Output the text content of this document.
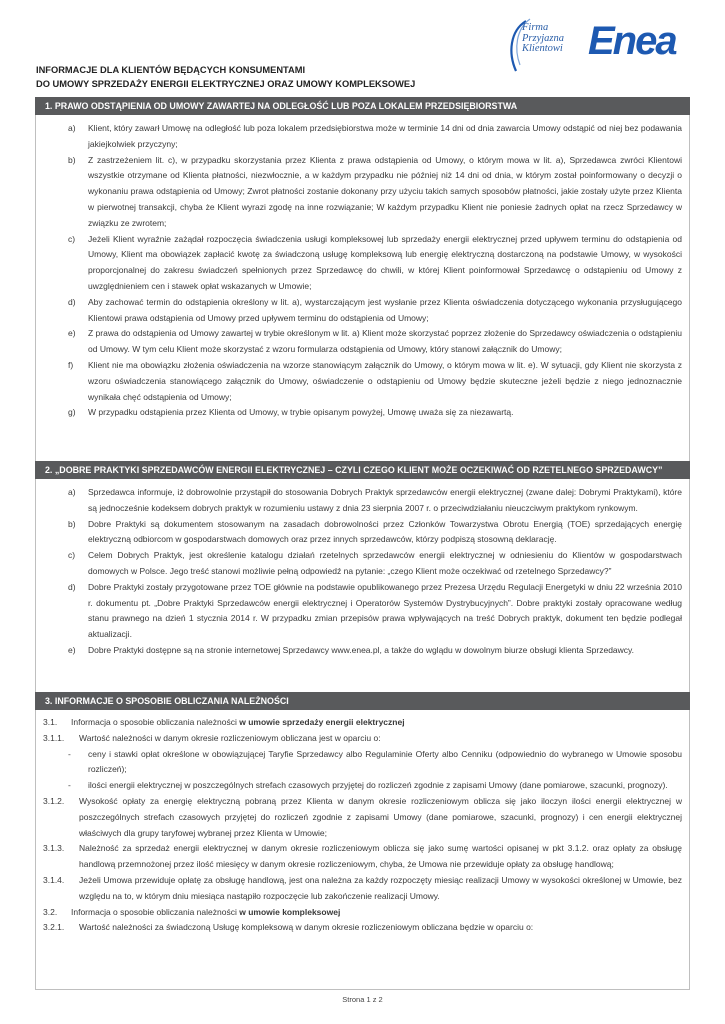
Firma
Przyjazna
Klientowi Enea
INFORMACJE DLA KLIENTÓW BĘDĄCYCH KONSUMENTAMI
DO UMOWY SPRZEDAŻY ENERGII ELEKTRYCZNEJ ORAZ UMOWY KOMPLEKSOWEJ
1. PRAWO ODSTĄPIENIA OD UMOWY ZAWARTEJ NA ODLEGŁOŚĆ LUB POZA LOKALEM PRZEDSIĘBIORSTWA
a)	Klient, który zawarł Umowę na odległość lub poza lokalem przedsiębiorstwa może w terminie 14 dni od dnia zawarcia Umowy odstąpić od niej bez podawania jakiejkolwiek przyczyny;
b)	Z zastrzeżeniem lit. c), w przypadku skorzystania przez Klienta z prawa odstąpienia od Umowy, o którym mowa w lit. a), Sprzedawca zwróci Klientowi wszystkie otrzymane od Klienta płatności, niezwłocznie, a w każdym przypadku nie później niż 14 dni od dnia, w którym został poinformowany o decyzji o wykonaniu prawa odstąpienia od Umowy; Zwrot płatności zostanie dokonany przy użyciu takich samych sposobów płatności, jakie zostały użyte przez Klienta w pierwotnej transakcji, chyba że Klient wyrazi zgodę na inne rozwiązanie; W każdym przypadku Klient nie poniesie żadnych opłat na rzecz Sprzedawcy w związku ze zwrotem;
c)	Jeżeli Klient wyraźnie zażądał rozpoczęcia świadczenia usługi kompleksowej lub sprzedaży energii elektrycznej przed upływem terminu do odstąpienia od Umowy, Klient ma obowiązek zapłacić kwotę za świadczoną usługę kompleksową lub energię elektryczną dostarczoną na podstawie Umowy, w wysokości proporcjonalnej do zakresu świadczeń spełnionych przez Sprzedawcę do chwili, w której Klient poinformował Sprzedawcę o odstąpieniu od Umowy z uwzględnieniem cen i stawek opłat wskazanych w Umowie;
d)	Aby zachować termin do odstąpienia określony w lit. a), wystarczającym jest wysłanie przez Klienta oświadczenia dotyczącego wykonania przysługującego Klientowi prawa odstąpienia od Umowy przed upływem terminu do odstąpienia od Umowy;
e)	Z prawa do odstąpienia od Umowy zawartej w trybie określonym w lit. a) Klient może skorzystać poprzez złożenie do Sprzedawcy oświadczenia o odstąpieniu od Umowy. W tym celu Klient może skorzystać z wzoru formularza odstąpienia od Umowy, który stanowi załącznik do Umowy;
f)	Klient nie ma obowiązku złożenia oświadczenia na wzorze stanowiącym załącznik do Umowy, o którym mowa w lit. e). W sytuacji, gdy Klient nie skorzysta z wzoru oświadczenia stanowiącego załącznik do Umowy, oświadczenie o odstąpieniu od Umowy będzie skuteczne jeżeli będzie z niego jednoznacznie wynikała chęć odstąpienia od Umowy;
g)	W przypadku odstąpienia przez Klienta od Umowy, w trybie opisanym powyżej, Umowę uważa się za niezawartą.
2. „DOBRE PRAKTYKI SPRZEDAWCÓW ENERGII ELEKTRYCZNEJ – CZYLI CZEGO KLIENT MOŻE OCZEKIWAĆ OD RZETELNEGO SPRZEDAWCY”
a)	Sprzedawca informuje, iż dobrowolnie przystąpił do stosowania Dobrych Praktyk sprzedawców energii elektrycznej (zwane dalej: Dobrymi Praktykami), które są jednocześnie kodeksem dobrych praktyk w rozumieniu ustawy z dnia 23 sierpnia 2007 r. o przeciwdziałaniu nieuczciwym praktykom rynkowym.
b)	Dobre Praktyki są dokumentem stosowanym na zasadach dobrowolności przez Członków Towarzystwa Obrotu Energią (TOE) sprzedających energię elektryczną odbiorcom w gospodarstwach domowych oraz przez innych sprzedawców, którzy podpiszą stosowną deklarację.
c)	Celem Dobrych Praktyk, jest określenie katalogu działań rzetelnych sprzedawców energii elektrycznej w odniesieniu do Klientów w gospodarstwach domowych w Polsce. Jego treść stanowi możliwie pełną odpowiedź na pytanie: „czego Klient może oczekiwać od rzetelnego Sprzedawcy?”
d)	Dobre Praktyki zostały przygotowane przez TOE głównie na podstawie opublikowanego przez Prezesa Urzędu Regulacji Energetyki w dniu 22 września 2010 r. dokumentu pt. „Dobre Praktyki Sprzedawców energii elektrycznej i Operatorów Systemów Dystrybucyjnych”. Dobre praktyki zostały opracowane według stanu prawnego na dzień 1 stycznia 2014 r. W przypadku zmian przepisów prawa wpływających na treść Dobrych praktyk, dokument ten będzie podlegał aktualizacji.
e)	Dobre Praktyki dostępne są na stronie internetowej Sprzedawcy www.enea.pl, a także do wglądu w dowolnym biurze obsługi klienta Sprzedawcy.
3. INFORMACJE O SPOSOBIE OBLICZANIA NALEŻNOŚCI
3.1.	Informacja o sposobie obliczania należności w umowie sprzedaży energii elektrycznej
3.1.1.	Wartość należności w danym okresie rozliczeniowym obliczana jest w oparciu o:
-	ceny i stawki opłat określone w obowiązującej Taryfie Sprzedawcy albo Regulaminie Oferty albo Cenniku (odpowiednio do wybranego w Umowie sposobu rozliczeń);
-	ilości energii elektrycznej w poszczególnych strefach czasowych przyjętej do rozliczeń zgodnie z zapisami Umowy (dane pomiarowe, szacunki, prognozy).
3.1.2.	Wysokość opłaty za energię elektryczną pobraną przez Klienta w danym okresie rozliczeniowym oblicza się jako iloczyn ilości energii elektrycznej w poszczególnych strefach czasowych przyjętej do rozliczeń zgodnie z zapisami Umowy (dane pomiarowe, szacunki, prognozy) i cen energii elektrycznej właściwych dla grupy taryfowej wybranej przez Klienta w Umowie;
3.1.3.	Należność za sprzedaż energii elektrycznej w danym okresie rozliczeniowym oblicza się jako sumę wartości opisanej w pkt 3.1.2. oraz opłaty za obsługę handlową przemnożonej przez ilość miesięcy w danym okresie rozliczeniowym, chyba, że Umowa nie przewiduje opłaty za obsługę handlową;
3.1.4.	Jeżeli Umowa przewiduje opłatę za obsługę handlową, jest ona należna za każdy rozpoczęty miesiąc realizacji Umowy w wysokości określonej w Umowie, bez względu na to, w którym dniu miesiąca nastąpiło rozpoczęcie lub zakończenie realizacji Umowy.
3.2.	Informacja o sposobie obliczania należności w umowie kompleksowej
3.2.1.	Wartość należności za świadczoną Usługę kompleksową w danym okresie rozliczeniowym obliczana będzie w oparciu o:
Strona 1 z 2
